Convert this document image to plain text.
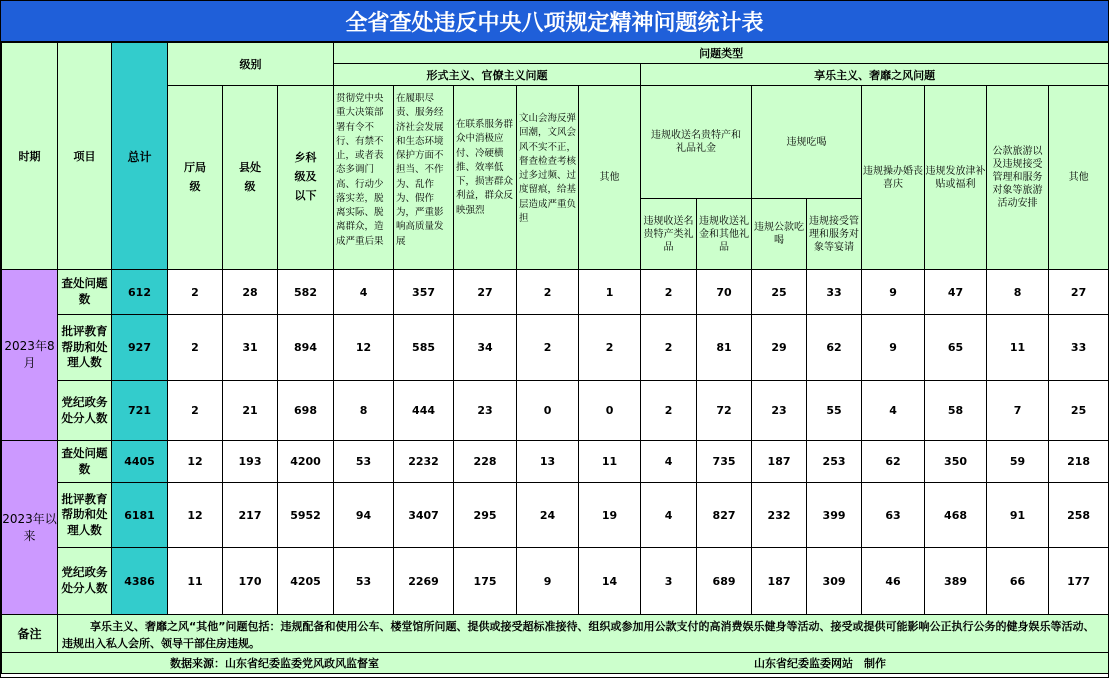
全省查处违反中央八项规定精神问题统计表
时期	项目	总计	级别			问题类型												
						形式主义、官僚主义问题					享乐主义、奢靡之风问题							
			厅局级	县处级	乡科级及以下	贯彻党中央重大决策部署有令不行、有禁不止，或者表态多调门高、行动少落实差，脱离实际、脱离群众，造成严重后果	在履职尽责、服务经济社会发展和生态环境保护方面不担当、不作为、乱作为、假作为，严重影响高质量发展	在联系服务群众中消极应付、冷硬横推、效率低下，损害群众利益，群众反映强烈	文山会海反弹回潮，文风会风不实不正，督查检查考核过多过频、过度留痕，给基层造成严重负担	其他	违规收送名贵特产和礼品礼金		违规吃喝		违规操办婚丧喜庆	违规发放津补贴或福利	公款旅游以及违规接受管理和服务对象等旅游活动安排	其他
											违规收送名贵特产类礼品	违规收送礼金和其他礼品	违规公款吃喝	违规接受管理和服务对象等宴请				
2023年8月	查处问题数	612	2	28	582	4	357	27	2	1	2	70	25	33	9	47	8	27
	批评教育帮助和处理人数	927	2	31	894	12	585	34	2	2	2	81	29	62	9	65	11	33
	党纪政务处分人数	721	2	21	698	8	444	23	0	0	2	72	23	55	4	58	7	25
2023年以来	查处问题数	4405	12	193	4200	53	2232	228	13	11	4	735	187	253	62	350	59	218
	批评教育帮助和处理人数	6181	12	217	5952	94	3407	295	24	19	4	827	232	399	63	468	91	258
	党纪政务处分人数	4386	11	170	4205	53	2269	175	9	14	3	689	187	309	46	389	66	177
备注	享乐主义、奢靡之风“其他”问题包括：违规配备和使用公车、楼堂馆所问题、提供或接受超标准接待、组织或参加用公款支付的高消费娱乐健身等活动、接受或提供可能影响公正执行公务的健身娱乐等活动、违规出入私人会所、领导干部住房违规。																	
数据来源：山东省纪委监委党风政风监督室 山东省纪委监委网站　制作																		
